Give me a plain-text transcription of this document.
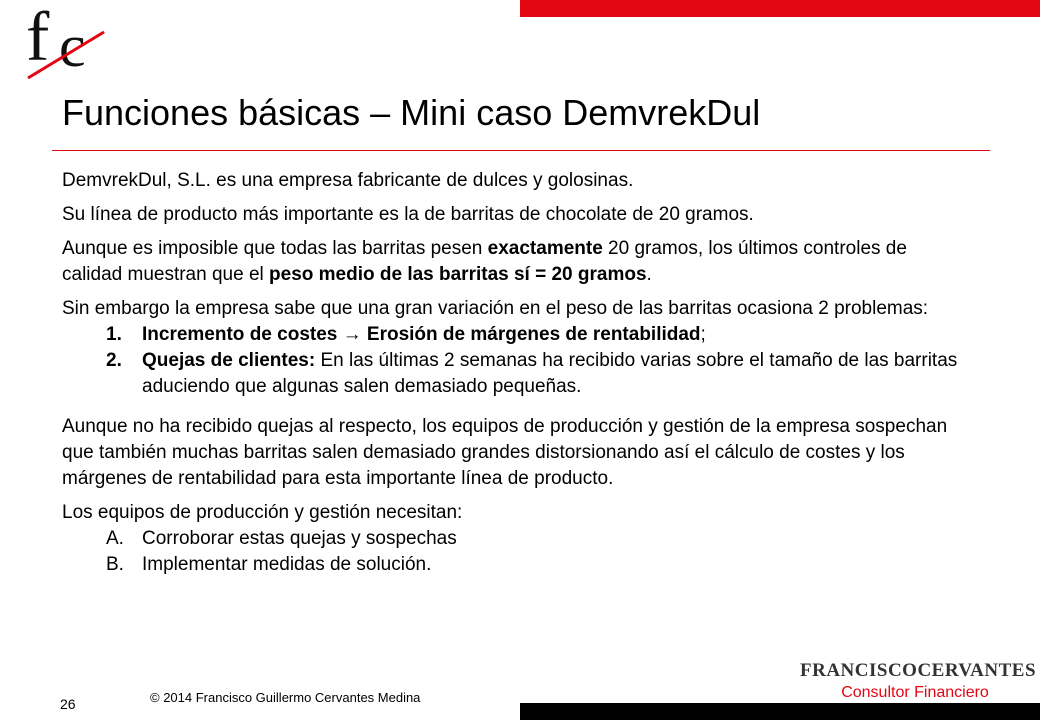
f c
Funciones básicas – Mini caso DemvrekDul

DemvrekDul, S.L. es una empresa fabricante de dulces y golosinas.

Su línea de producto más importante es la de barritas de chocolate de 20 gramos.

Aunque es imposible que todas las barritas pesen exactamente 20 gramos, los últimos controles de calidad muestran que el peso medio de las barritas sí = 20 gramos.

Sin embargo la empresa sabe que una gran variación en el peso de las barritas ocasiona 2 problemas:

1. Incremento de costes → Erosión de márgenes de rentabilidad;
2. Quejas de clientes: En las últimas 2 semanas ha recibido varias sobre el tamaño de las barritas aduciendo que algunas salen demasiado pequeñas.

Aunque no ha recibido quejas al respecto, los equipos de producción y gestión de la empresa sospechan que también muchas barritas salen demasiado grandes distorsionando así el cálculo de costes y los márgenes de rentabilidad para esta importante línea de producto.

Los equipos de producción y gestión necesitan:

A. Corroborar estas quejas y sospechas
B. Implementar medidas de solución.
© 2014 Francisco Guillermo Cervantes Medina
26
FRANCISCOCERVANTES
Consultor Financiero
